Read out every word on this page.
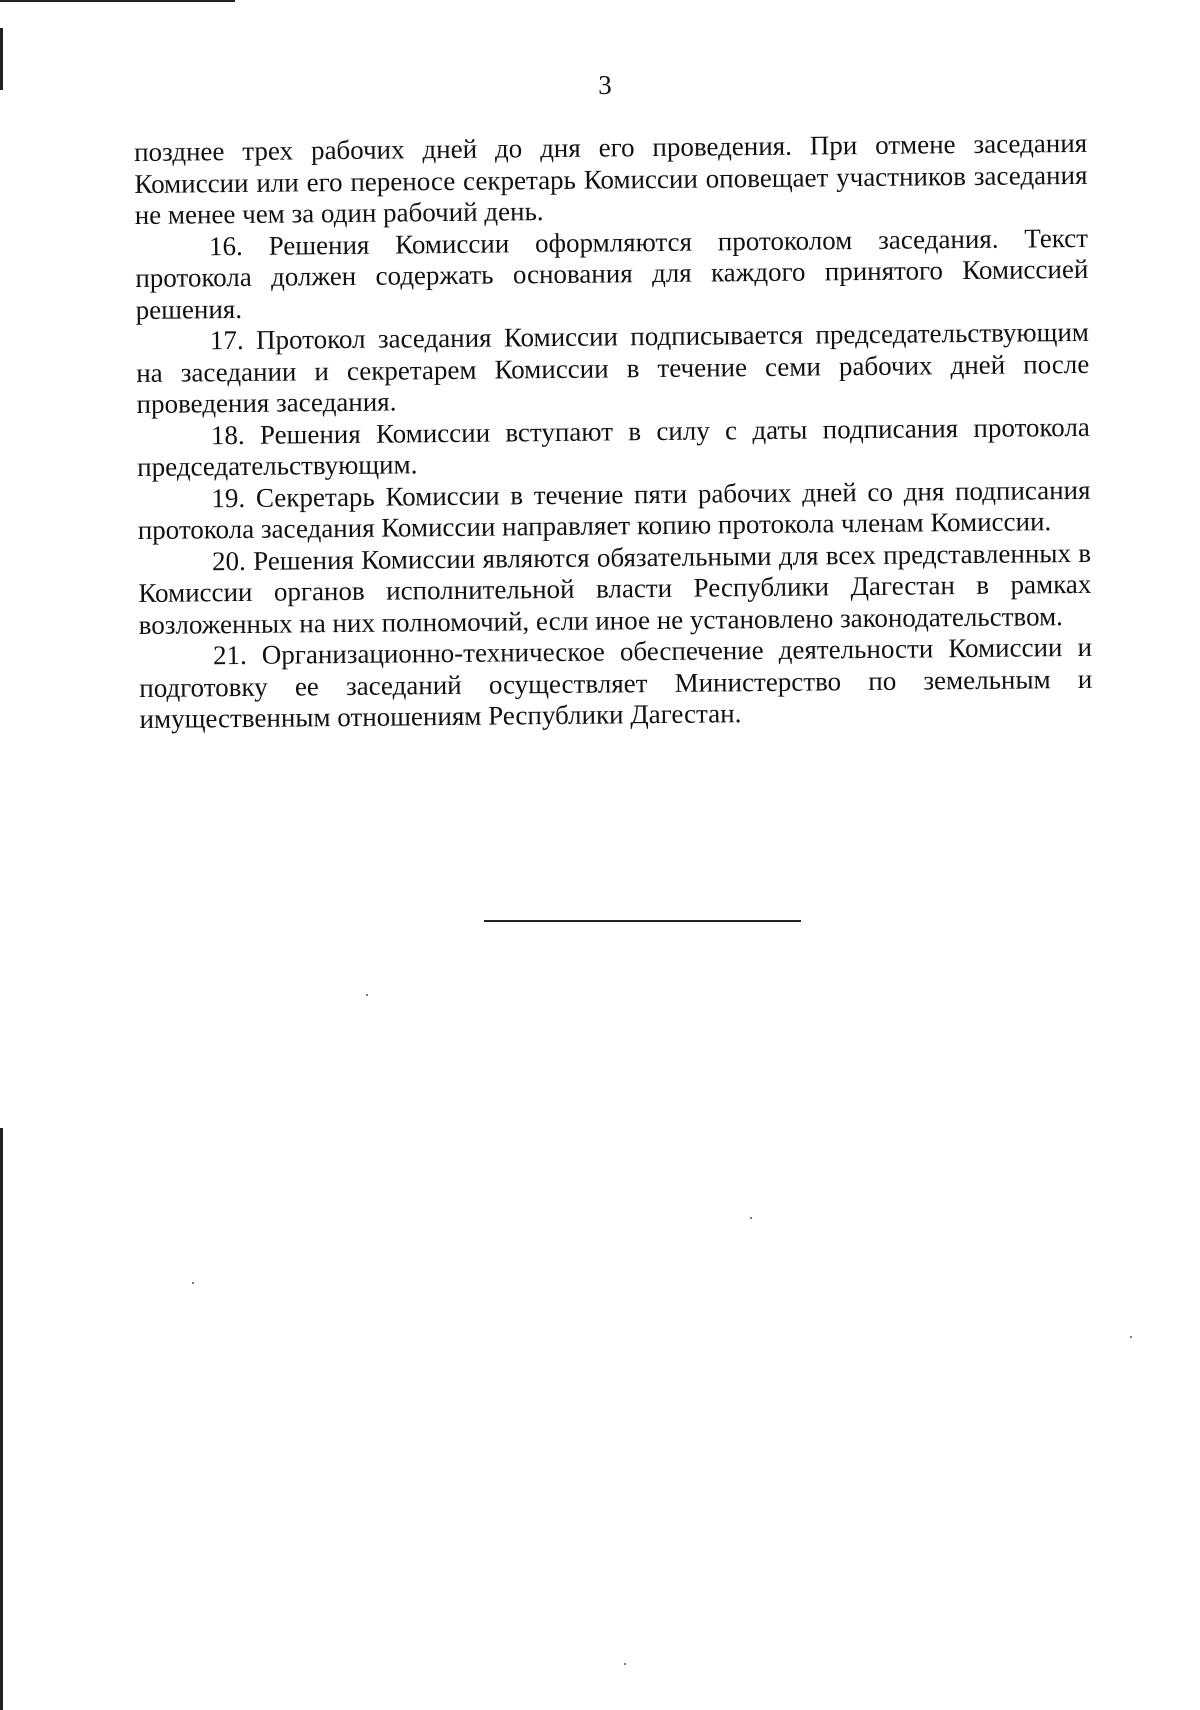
3

позднее трех рабочих дней до дня его проведения. При отмене заседания Комиссии или его переносе секретарь Комиссии оповещает участников заседания не менее чем за один рабочий день.

16. Решения Комиссии оформляются протоколом заседания. Текст протокола должен содержать основания для каждого принятого Комиссией решения.

17. Протокол заседания Комиссии подписывается председательствующим на заседании и секретарем Комиссии в течение семи рабочих дней после проведения заседания.

18. Решения Комиссии вступают в силу с даты подписания протокола председательствующим.

19. Секретарь Комиссии в течение пяти рабочих дней со дня подписания протокола заседания Комиссии направляет копию протокола членам Комиссии.

20. Решения Комиссии являются обязательными для всех представленных в Комиссии органов исполнительной власти Республики Дагестан в рамках возложенных на них полномочий, если иное не установлено законодательством.

21. Организационно-техническое обеспечение деятельности Комиссии и подготовку ее заседаний осуществляет Министерство по земельным и имущественным отношениям Республики Дагестан.
